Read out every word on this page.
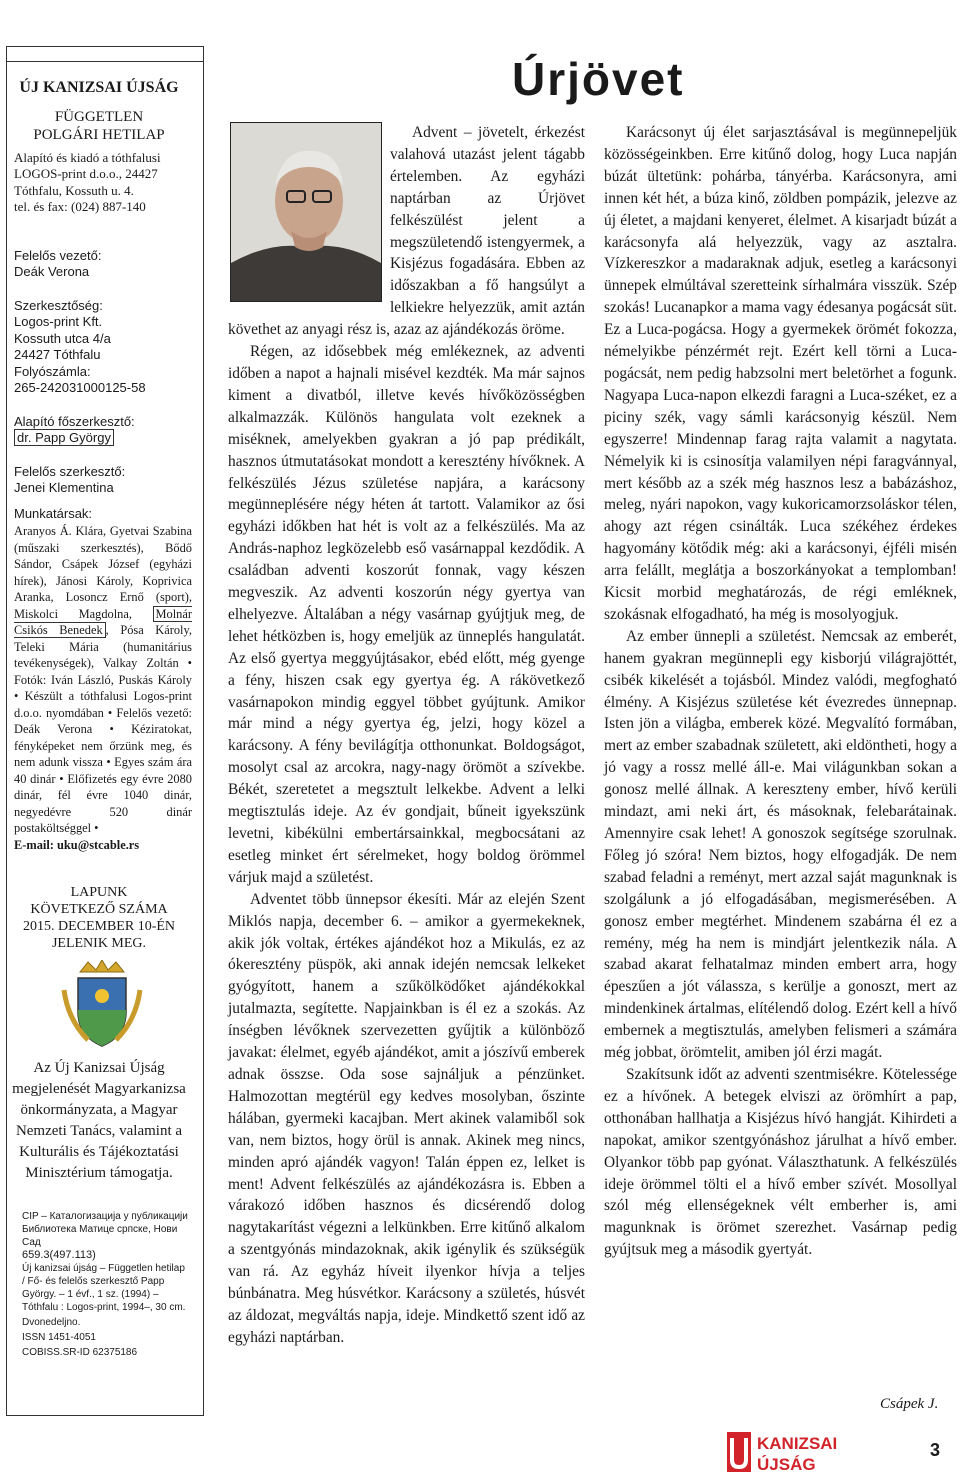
ÚJ KANIZSAI ÚJSÁG
FÜGGETLEN
POLGÁRI HETILAP
Alapító és kiadó a tóthfalusi LOGOS-print d.o.o., 24427 Tóthfalu, Kossuth u. 4.
tel. és fax: (024) 887-140
Felelős vezető:
Deák Verona
Szerkesztőség:
Logos-print Kft.
Kossuth utca 4/a
24427 Tóthfalu
Folyószámla:
265-242031000125-58
Alapító főszerkesztő:
dr. Papp György
Felelős szerkesztő:
Jenei Klementina
Munkatársak:
Aranyos Á. Klára, Gyetvai Szabina (műszaki szerkesztés), Bődő Sándor, Csápek József (egyházi hírek), Jánosi Károly, Koprivica Aranka, Losoncz Ernő (sport), Miskolci Magdolna, Molnár Csikós Benedek , Pósa Károly, Teleki Mária (humanitárius tevékenységek), Valkay Zoltán • Fotók: Iván László, Puskás Károly • Készült a tóthfalusi Logos-print d.o.o. nyomdában • Felelős vezető: Deák Verona • Kéziratokat, fényképeket nem őrzünk meg, és nem adunk vissza • Egyes szám ára 40 dinár • Előfizetés egy évre 2080 dinár, fél évre 1040 dinár, negyedévre 520 dinár postaköltséggel •
E-mail: uku@stcable.rs
LAPUNK
KÖVETKEZŐ SZÁMA
2015. DECEMBER 10-ÉN
JELENIK MEG.
Az Új Kanizsai Újság megjelenését Magyarkanizsa önkormányzata, a Magyar Nemzeti Tanács, valamint a Kulturális és Tájékoztatási Minisztérium támogatja.

CIP – Каталогизација у публикацији Библиотека Матице српске, Нови Сад

659.3(497.113)

Új kanizsai újság – Független hetilap / Fő- és felelős szerkesztő Papp György. – 1 évf., 1 sz. (1994) – Tóthfalu : Logos-print, 1994–, 30 cm.

Dvonedeljno.

ISSN 1451-4051

COBISS.SR-ID 62375186

Úrjövet

Advent – jövetelt, érkezést valahová utazást jelent tágabb értelemben. Az egyházi naptárban az Úrjövet felkészülést jelent a megszületendő istengyermek, a Kisjézus fogadására. Ebben az időszakban a fő hangsúlyt a lelkiekre helyezzük, amit aztán követhet az anyagi rész is, azaz az ajándékozás öröme.

Régen, az idősebbek még emlékeznek, az adventi időben a napot a hajnali misével kezdték. Ma már sajnos kiment a divatból, illetve kevés hívőközösségben alkalmazzák. Különös hangulata volt ezeknek a miséknek, amelyekben gyakran a jó pap prédikált, hasznos útmutatásokat mondott a keresztény hívőknek. A felkészülés Jézus születése napjára, a karácsony megünneplésére négy héten át tartott. Valamikor az ősi egyházi időkben hat hét is volt az a felkészülés. Ma az András-naphoz legközelebb eső vasárnappal kezdődik. A családban adventi koszorút fonnak, vagy készen megveszik. Az adventi koszorún négy gyertya van elhelyezve. Általában a négy vasárnap gyújtjuk meg, de lehet hétközben is, hogy emeljük az ünneplés hangulatát. Az első gyertya meggyújtásakor, ebéd előtt, még gyenge a fény, hiszen csak egy gyertya ég. A rákövetkező vasárnapokon mindig eggyel többet gyújtunk. Amikor már mind a négy gyertya ég, jelzi, hogy közel a karácsony. A fény bevilágítja otthonunkat. Boldogságot, mosolyt csal az arcokra, nagy-nagy örömöt a szívekbe. Békét, szeretetet a megsztult lelkekbe. Advent a lelki megtisztulás ideje. Az év gondjait, bűneit igyekszünk levetni, kibékülni embertársainkkal, megbocsátani az esetleg minket ért sérelmeket, hogy boldog örömmel várjuk majd a születést.

Adventet több ünnepsor ékesíti. Már az elején Szent Miklós napja, december 6. – amikor a gyermekeknek, akik jók voltak, értékes ajándékot hoz a Mikulás, ez az ókeresztény püspök, aki annak idején nemcsak lelkeket gyógyított, hanem a szűkölködőket ajándékokkal jutalmazta, segítette. Napjainkban is él ez a szokás. Az ínségben lévőknek szervezetten gyűjtik a különböző javakat: élelmet, egyéb ajándékot, amit a jószívű emberek adnak összse. Oda sose sajnáljuk a pénzünket. Halmozottan megtérül egy kedves mosolyban, őszinte hálában, gyermeki kacajban. Mert akinek valamiből sok van, nem biztos, hogy örül is annak. Akinek meg nincs, minden apró ajándék vagyon! Talán éppen ez, lelket is ment! Advent felkészülés az ajándékozásra is. Ebben a várakozó időben hasznos és dicsérendő dolog nagytakarítást végezni a lelkünkben. Erre kitűnő alkalom a szentgyónás mindazoknak, akik igénylik és szükségük van rá. Az egyház híveit ilyenkor hívja a teljes búnbánatra. Meg húsvétkor. Karácsony a születés, húsvét az áldozat, megváltás napja, ideje. Mindkettő szent idő az egyházi naptárban.

Karácsonyt új élet sarjasztásával is megünnepeljük közösségeinkben. Erre kitűnő dolog, hogy Luca napján búzát ültetünk: pohárba, tányérba. Karácsonyra, ami innen két hét, a búza kinő, zöldben pompázik, jelezve az új életet, a majdani kenyeret, élelmet. A kisarjadt búzát a karácsonyfa alá helyezzük, vagy az asztalra. Vízkereszkor a madaraknak adjuk, esetleg a karácsonyi ünnepek elmúltával szeretteink sírhalmára visszük. Szép szokás! Lucanapkor a mama vagy édesanya pogácsát süt. Ez a Luca-pogácsa. Hogy a gyermekek örömét fokozza, némelyikbe pénzérmét rejt. Ezért kell törni a Luca-pogácsát, nem pedig habzsolni mert beletörhet a fogunk. Nagyapa Luca-napon elkezdi faragni a Luca-széket, ez a piciny szék, vagy sámli karácsonyig készül. Nem egyszerre! Mindennap farag rajta valamit a nagytata. Némelyik ki is csinosítja valamilyen népi faragvánnyal, mert később az a szék még hasznos lesz a babázáshoz, meleg, nyári napokon, vagy kukoricamorzsoláskor télen, ahogy azt régen csinálták. Luca székéhez érdekes hagyomány kötődik még: aki a karácsonyi, éjféli misén arra felállt, meglátja a boszorkányokat a templomban! Kicsit morbid meghatározás, de régi emléknek, szokásnak elfogadható, ha még is mosolyogjuk.

Az ember ünnepli a születést. Nemcsak az emberét, hanem gyakran megünnepli egy kisborjú világrajöttét, csibék kikelését a tojásból. Mindez valódi, megfogható élmény. A Kisjézus születése két évezredes ünnepnap. Isten jön a világba, emberek közé. Megvalító formában, mert az ember szabadnak született, aki eldöntheti, hogy a jó vagy a rossz mellé áll-e. Mai világunkban sokan a gonosz mellé állnak. A kereszteny ember, hívő kerüli mindazt, ami neki árt, és másoknak, felebarátainak. Amennyire csak lehet! A gonoszok segítsége szorulnak. Főleg jó szóra! Nem biztos, hogy elfogadják. De nem szabad feladni a reményt, mert azzal saját magunknak is szolgálunk a jó elfogadásában, megismerésében. A gonosz ember megtérhet. Mindenem szabárna él ez a remény, még ha nem is mindjárt jelentkezik nála. A szabad akarat felhatalmaz minden embert arra, hogy épeszűen a jót válassza, s kerülje a gonoszt, mert az mindenkinek ártalmas, elítélendő dolog. Ezért kell a hívő embernek a megtisztulás, amelyben felismeri a számára még jobbat, örömtelit, amiben jól érzi magát.

Szakítsunk időt az adventi szentmisékre. Kötelessége ez a hívőnek. A betegek elviszi az örömhírt a pap, otthonában hallhatja a Kisjézus hívó hangját. Kihirdeti a napokat, amikor szentgyónáshoz járulhat a hívő ember. Olyankor több pap gyónat. Választhatunk. A felkészülés ideje örömmel tölti el a hívő ember szívét. Mosollyal szól még ellenségeknek vélt emberher is, ami magunknak is örömet szerezhet. Vasárnap pedig gyújtsuk meg a második gyertyát.

Csápek J.
KANIZSAI
ÚJSÁG
3
